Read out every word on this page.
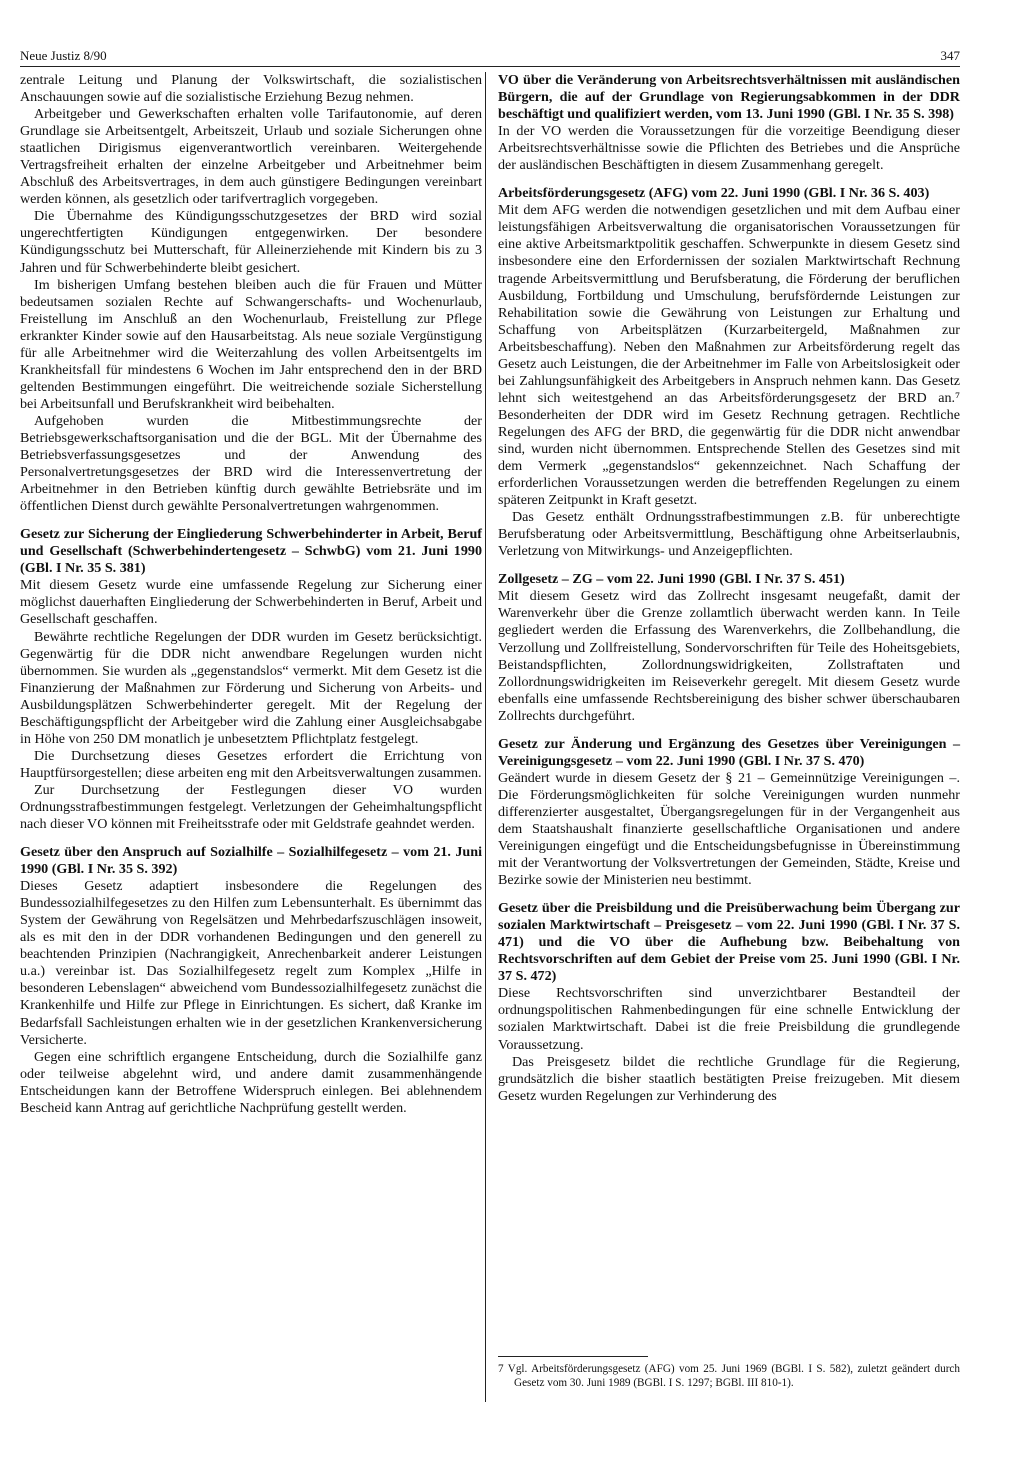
Neue Justiz 8/90	347

zentrale Leitung und Planung der Volkswirtschaft, die sozialistischen Anschauungen sowie auf die sozialistische Erziehung Bezug nehmen.

Arbeitgeber und Gewerkschaften erhalten volle Tarifautonomie, auf deren Grundlage sie Arbeitsentgelt, Arbeitszeit, Urlaub und soziale Sicherungen ohne staatlichen Dirigismus eigenverantwortlich vereinbaren. Weitergehende Vertragsfreiheit erhalten der einzelne Arbeitgeber und Arbeitnehmer beim Abschluß des Arbeitsvertrages, in dem auch günstigere Bedingungen vereinbart werden können, als gesetzlich oder tarifvertraglich vorgegeben.

Die Übernahme des Kündigungsschutzgesetzes der BRD wird sozial ungerechtfertigten Kündigungen entgegenwirken. Der besondere Kündigungsschutz bei Mutterschaft, für Alleinerziehende mit Kindern bis zu 3 Jahren und für Schwerbehinderte bleibt gesichert.

Im bisherigen Umfang bestehen bleiben auch die für Frauen und Mütter bedeutsamen sozialen Rechte auf Schwangerschafts- und Wochenurlaub, Freistellung im Anschluß an den Wochenurlaub, Freistellung zur Pflege erkrankter Kinder sowie auf den Hausarbeitstag. Als neue soziale Vergünstigung für alle Arbeitnehmer wird die Weiterzahlung des vollen Arbeitsentgelts im Krankheitsfall für mindestens 6 Wochen im Jahr entsprechend den in der BRD geltenden Bestimmungen eingeführt. Die weitreichende soziale Sicherstellung bei Arbeitsunfall und Berufskrankheit wird beibehalten.

Aufgehoben wurden die Mitbestimmungsrechte der Betriebsgewerkschaftsorganisation und die der BGL. Mit der Übernahme des Betriebsverfassungsgesetzes und der Anwendung des Personalvertretungsgesetzes der BRD wird die Interessenvertretung der Arbeitnehmer in den Betrieben künftig durch gewählte Betriebsräte und im öffentlichen Dienst durch gewählte Personalvertretungen wahrgenommen.

Gesetz zur Sicherung der Eingliederung Schwerbehinderter in Arbeit, Beruf und Gesellschaft (Schwerbehindertengesetz – SchwbG) vom 21. Juni 1990 (GBl. I Nr. 35 S. 381)

Mit diesem Gesetz wurde eine umfassende Regelung zur Sicherung einer möglichst dauerhaften Eingliederung der Schwerbehinderten in Beruf, Arbeit und Gesellschaft geschaffen.

Bewährte rechtliche Regelungen der DDR wurden im Gesetz berücksichtigt. Gegenwärtig für die DDR nicht anwendbare Regelungen wurden nicht übernommen. Sie wurden als „gegenstandslos“ vermerkt. Mit dem Gesetz ist die Finanzierung der Maßnahmen zur Förderung und Sicherung von Arbeits- und Ausbildungsplätzen Schwerbehinderter geregelt. Mit der Regelung der Beschäftigungspflicht der Arbeitgeber wird die Zahlung einer Ausgleichsabgabe in Höhe von 250 DM monatlich je unbesetztem Pflichtplatz festgelegt.

Die Durchsetzung dieses Gesetzes erfordert die Errichtung von Hauptfürsorgestellen; diese arbeiten eng mit den Arbeitsverwaltungen zusammen.

Zur Durchsetzung der Festlegungen dieser VO wurden Ordnungsstrafbestimmungen festgelegt. Verletzungen der Geheimhaltungspflicht nach dieser VO können mit Freiheitsstrafe oder mit Geldstrafe geahndet werden.

Gesetz über den Anspruch auf Sozialhilfe – Sozialhilfegesetz – vom 21. Juni 1990 (GBl. I Nr. 35 S. 392)

Dieses Gesetz adaptiert insbesondere die Regelungen des Bundessozialhilfegesetzes zu den Hilfen zum Lebensunterhalt. Es übernimmt das System der Gewährung von Regelsätzen und Mehrbedarfszuschlägen insoweit, als es mit den in der DDR vorhandenen Bedingungen und den generell zu beachtenden Prinzipien (Nachrangigkeit, Anrechenbarkeit anderer Leistungen u.a.) vereinbar ist. Das Sozialhilfegesetz regelt zum Komplex „Hilfe in besonderen Lebenslagen“ abweichend vom Bundessozialhilfegesetz zunächst die Krankenhilfe und Hilfe zur Pflege in Einrichtungen. Es sichert, daß Kranke im Bedarfsfall Sachleistungen erhalten wie in der gesetzlichen Krankenversicherung Versicherte.

Gegen eine schriftlich ergangene Entscheidung, durch die Sozialhilfe ganz oder teilweise abgelehnt wird, und andere damit zusammenhängende Entscheidungen kann der Betroffene Widerspruch einlegen. Bei ablehnendem Bescheid kann Antrag auf gerichtliche Nachprüfung gestellt werden.

VO über die Veränderung von Arbeitsrechtsverhältnissen mit ausländischen Bürgern, die auf der Grundlage von Regierungsabkommen in der DDR beschäftigt und qualifiziert werden, vom 13. Juni 1990 (GBl. I Nr. 35 S. 398)

In der VO werden die Voraussetzungen für die vorzeitige Beendigung dieser Arbeitsrechtsverhältnisse sowie die Pflichten des Betriebes und die Ansprüche der ausländischen Beschäftigten in diesem Zusammenhang geregelt.

Arbeitsförderungsgesetz (AFG) vom 22. Juni 1990 (GBl. I Nr. 36 S. 403)

Mit dem AFG werden die notwendigen gesetzlichen und mit dem Aufbau einer leistungsfähigen Arbeitsverwaltung die organisatorischen Voraussetzungen für eine aktive Arbeitsmarktpolitik geschaffen. Schwerpunkte in diesem Gesetz sind insbesondere eine den Erfordernissen der sozialen Marktwirtschaft Rechnung tragende Arbeitsvermittlung und Berufsberatung, die Förderung der beruflichen Ausbildung, Fortbildung und Umschulung, berufsfördernde Leistungen zur Rehabilitation sowie die Gewährung von Leistungen zur Erhaltung und Schaffung von Arbeitsplätzen (Kurzarbeitergeld, Maßnahmen zur Arbeitsbeschaffung). Neben den Maßnahmen zur Arbeitsförderung regelt das Gesetz auch Leistungen, die der Arbeitnehmer im Falle von Arbeitslosigkeit oder bei Zahlungsunfähigkeit des Arbeitgebers in Anspruch nehmen kann. Das Gesetz lehnt sich weitestgehend an das Arbeitsförderungsgesetz der BRD an.⁷ Besonderheiten der DDR wird im Gesetz Rechnung getragen. Rechtliche Regelungen des AFG der BRD, die gegenwärtig für die DDR nicht anwendbar sind, wurden nicht übernommen. Entsprechende Stellen des Gesetzes sind mit dem Vermerk „gegenstandslos“ gekennzeichnet. Nach Schaffung der erforderlichen Voraussetzungen werden die betreffenden Regelungen zu einem späteren Zeitpunkt in Kraft gesetzt.

Das Gesetz enthält Ordnungsstrafbestimmungen z.B. für unberechtigte Berufsberatung oder Arbeitsvermittlung, Beschäftigung ohne Arbeitserlaubnis, Verletzung von Mitwirkungs- und Anzeigepflichten.

Zollgesetz – ZG – vom 22. Juni 1990 (GBl. I Nr. 37 S. 451)

Mit diesem Gesetz wird das Zollrecht insgesamt neugefaßt, damit der Warenverkehr über die Grenze zollamtlich überwacht werden kann. In Teile gegliedert werden die Erfassung des Warenverkehrs, die Zollbehandlung, die Verzollung und Zollfreistellung, Sondervorschriften für Teile des Hoheitsgebiets, Beistandspflichten, Zollordnungswidrigkeiten, Zollstraftaten und Zollordnungswidrigkeiten im Reiseverkehr geregelt. Mit diesem Gesetz wurde ebenfalls eine umfassende Rechtsbereinigung des bisher schwer überschaubaren Zollrechts durchgeführt.

Gesetz zur Änderung und Ergänzung des Gesetzes über Vereinigungen – Vereinigungsgesetz – vom 22. Juni 1990 (GBl. I Nr. 37 S. 470)

Geändert wurde in diesem Gesetz der § 21 – Gemeinnützige Vereinigungen –. Die Förderungsmöglichkeiten für solche Vereinigungen wurden nunmehr differenzierter ausgestaltet, Übergangsregelungen für in der Vergangenheit aus dem Staatshaushalt finanzierte gesellschaftliche Organisationen und andere Vereinigungen eingefügt und die Entscheidungsbefugnisse in Übereinstimmung mit der Verantwortung der Volksvertretungen der Gemeinden, Städte, Kreise und Bezirke sowie der Ministerien neu bestimmt.

Gesetz über die Preisbildung und die Preisüberwachung beim Übergang zur sozialen Marktwirtschaft – Preisgesetz – vom 22. Juni 1990 (GBl. I Nr. 37 S. 471) und die VO über die Aufhebung bzw. Beibehaltung von Rechtsvorschriften auf dem Gebiet der Preise vom 25. Juni 1990 (GBl. I Nr. 37 S. 472)

Diese Rechtsvorschriften sind unverzichtbarer Bestandteil der ordnungspolitischen Rahmenbedingungen für eine schnelle Entwicklung der sozialen Marktwirtschaft. Dabei ist die freie Preisbildung die grundlegende Voraussetzung.

Das Preisgesetz bildet die rechtliche Grundlage für die Regierung, grundsätzlich die bisher staatlich bestätigten Preise freizugeben. Mit diesem Gesetz wurden Regelungen zur Verhinderung des

7 Vgl. Arbeitsförderungsgesetz (AFG) vom 25. Juni 1969 (BGBl. I S. 582), zuletzt geändert durch Gesetz vom 30. Juni 1989 (BGBl. I S. 1297; BGBl. III 810-1).
